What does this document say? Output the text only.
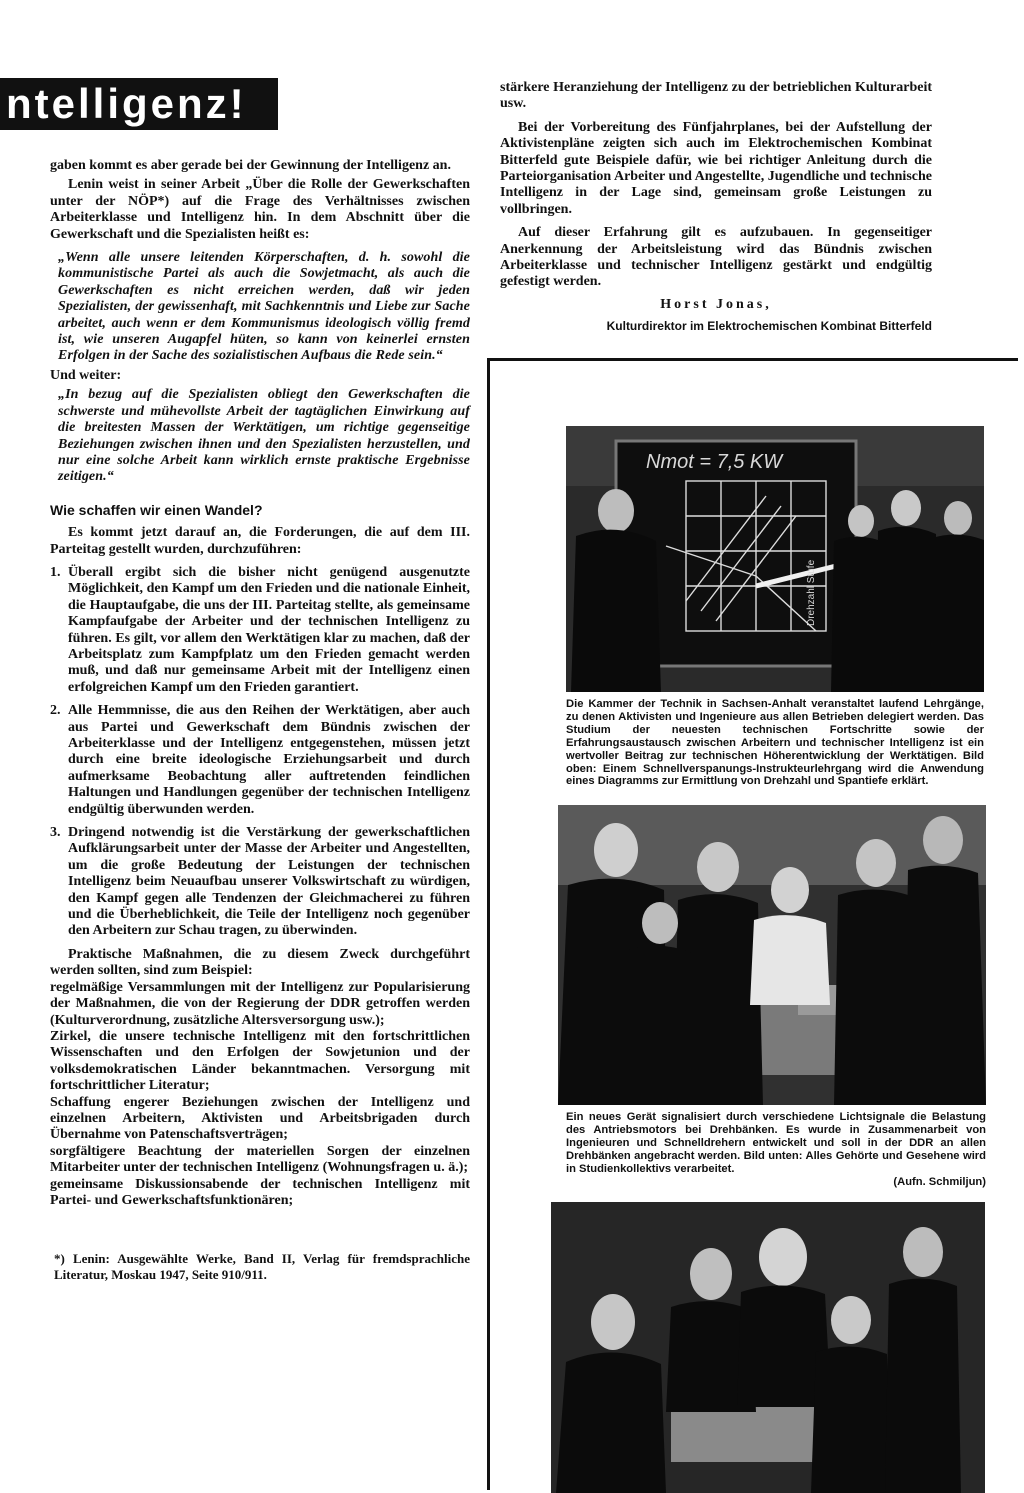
ntelligenz!

gaben kommt es aber gerade bei der Gewinnung der Intelligenz an.

Lenin weist in seiner Arbeit „Über die Rolle der Gewerkschaften unter der NÖP*) auf die Frage des Verhältnisses zwischen Arbeiterklasse und Intelligenz hin. In dem Abschnitt über die Gewerkschaft und die Spezialisten heißt es:

„Wenn alle unsere leitenden Körperschaften, d. h. sowohl die kommunistische Partei als auch die Sowjetmacht, als auch die Gewerkschaften es nicht erreichen werden, daß wir jeden Spezialisten, der gewissenhaft, mit Sachkenntnis und Liebe zur Sache arbeitet, auch wenn er dem Kommunismus ideologisch völlig fremd ist, wie unseren Augapfel hüten, so kann von keinerlei ernsten Erfolgen in der Sache des sozialistischen Aufbaus die Rede sein.“

Und weiter:

„In bezug auf die Spezialisten obliegt den Gewerkschaften die schwerste und mühevollste Arbeit der tagtäglichen Einwirkung auf die breitesten Massen der Werktätigen, um richtige gegenseitige Beziehungen zwischen ihnen und den Spezialisten herzustellen, und nur eine solche Arbeit kann wirklich ernste praktische Ergebnisse zeitigen.“

Wie schaffen wir einen Wandel?

Es kommt jetzt darauf an, die Forderungen, die auf dem III. Parteitag gestellt wurden, durchzuführen:

1. Überall ergibt sich die bisher nicht genügend ausgenutzte Möglichkeit, den Kampf um den Frieden und die nationale Einheit, die Hauptaufgabe, die uns der III. Parteitag stellte, als gemeinsame Kampfaufgabe der Arbeiter und der technischen Intelligenz zu führen. Es gilt, vor allem den Werktätigen klar zu machen, daß der Arbeitsplatz zum Kampfplatz um den Frieden gemacht werden muß, und daß nur gemeinsame Arbeit mit der Intelligenz einen erfolgreichen Kampf um den Frieden garantiert.

2. Alle Hemmnisse, die aus den Reihen der Werktätigen, aber auch aus Partei und Gewerkschaft dem Bündnis zwischen der Arbeiterklasse und der Intelligenz entgegenstehen, müssen jetzt durch eine breite ideologische Erziehungsarbeit und durch aufmerksame Beobachtung aller auftretenden feindlichen Haltungen und Handlungen gegenüber der technischen Intelligenz endgültig überwunden werden.

3. Dringend notwendig ist die Verstärkung der gewerkschaftlichen Aufklärungsarbeit unter der Masse der Arbeiter und Angestellten, um die große Bedeutung der Leistungen der technischen Intelligenz beim Neuaufbau unserer Volkswirtschaft zu würdigen, den Kampf gegen alle Tendenzen der Gleichmacherei zu führen und die Überheblichkeit, die Teile der Intelligenz noch gegenüber den Arbeitern zur Schau tragen, zu überwinden.

Praktische Maßnahmen, die zu diesem Zweck durchgeführt werden sollten, sind zum Beispiel:

regelmäßige Versammlungen mit der Intelligenz zur Popularisierung der Maßnahmen, die von der Regierung der DDR getroffen werden (Kulturverordnung, zusätzliche Altersversorgung usw.);

Zirkel, die unsere technische Intelligenz mit den fortschrittlichen Wissenschaften und den Erfolgen der Sowjetunion und der volksdemokratischen Länder bekanntmachen. Versorgung mit fortschrittlicher Literatur;

Schaffung engerer Beziehungen zwischen der Intelligenz und einzelnen Arbeitern, Aktivisten und Arbeitsbrigaden durch Übernahme von Patenschaftsverträgen;

sorgfältigere Beachtung der materiellen Sorgen der einzelnen Mitarbeiter unter der technischen Intelligenz (Wohnungsfragen u. ä.);

gemeinsame Diskussionsabende der technischen Intelligenz mit Partei- und Gewerkschaftsfunktionären;

*) Lenin: Ausgewählte Werke, Band II, Verlag für fremdsprachliche Literatur, Moskau 1947, Seite 910/911.

stärkere Heranziehung der Intelligenz zu der betrieblichen Kulturarbeit usw.

Bei der Vorbereitung des Fünfjahrplanes, bei der Aufstellung der Aktivistenpläne zeigten sich auch im Elektrochemischen Kombinat Bitterfeld gute Beispiele dafür, wie bei richtiger Anleitung durch die Parteiorganisation Arbeiter und Angestellte, Jugendliche und technische Intelligenz in der Lage sind, gemeinsam große Leistungen zu vollbringen.

Auf dieser Erfahrung gilt es aufzubauen. In gegenseitiger Anerkennung der Arbeitsleistung wird das Bündnis zwischen Arbeiterklasse und technischer Intelligenz gestärkt und endgültig gefestigt werden.

Horst Jonas,
Kulturdirektor im Elektrochemischen Kombinat Bitterfeld
Nmot = 7,5 KW
Drehzahl Stufe

Die Kammer der Technik in Sachsen-Anhalt veranstaltet laufend Lehrgänge, zu denen Aktivisten und Ingenieure aus allen Betrieben delegiert werden. Das Studium der neuesten technischen Fortschritte sowie der Erfahrungsaustausch zwischen Arbeitern und technischer Intelligenz ist ein wertvoller Beitrag zur technischen Höherentwicklung der Werktätigen. Bild oben: Einem Schnellverspanungs-Instrukteurlehrgang wird die Anwendung eines Diagramms zur Ermittlung von Drehzahl und Spantiefe erklärt.

Ein neues Gerät signalisiert durch verschiedene Lichtsignale die Belastung des Antriebsmotors bei Drehbänken. Es wurde in Zusammenarbeit von Ingenieuren und Schnelldrehern entwickelt und soll in der DDR an allen Drehbänken angebracht werden. Bild unten: Alles Gehörte und Gesehene wird in Studienkollektivs verarbeitet.
(Aufn. Schmiljun)
